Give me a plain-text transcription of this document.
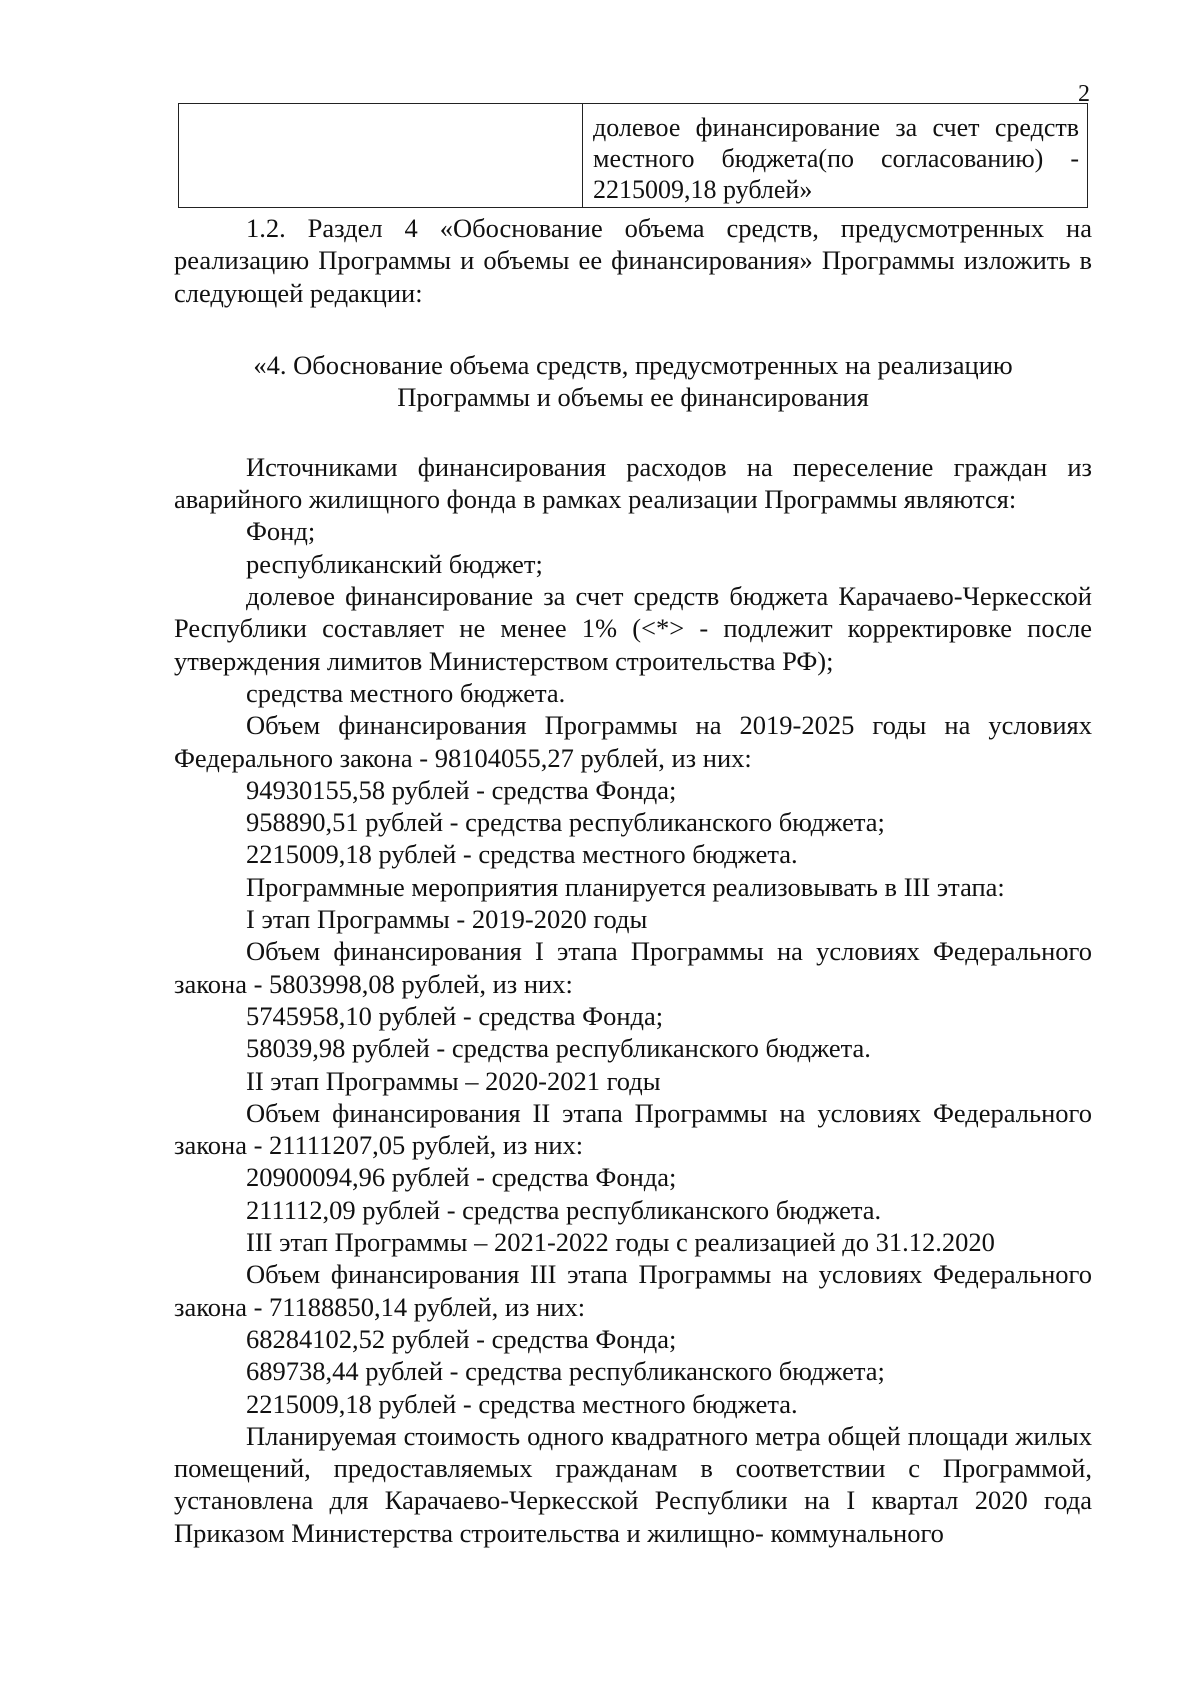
2
долевое финансирование за счет средств
местного бюджета(по согласованию) -
2215009,18 рублей»

1.2. Раздел 4 «Обоснование объема средств, предусмотренных на реализацию Программы и объемы ее финансирования» Программы изложить в следующей редакции:

«4. Обоснование объема средств, предусмотренных на реализацию

Программы и объемы ее финансирования

Источниками финансирования расходов на переселение граждан из аварийного жилищного фонда в рамках реализации Программы являются:

Фонд;

республиканский бюджет;

долевое финансирование за счет средств бюджета Карачаево-Черкесской Республики составляет не менее 1% (<*> - подлежит корректировке после утверждения лимитов Министерством строительства РФ);

средства местного бюджета.

Объем финансирования Программы на 2019-2025 годы на условиях Федерального закона - 98104055,27 рублей, из них:

94930155,58 рублей - средства Фонда;

958890,51 рублей - средства республиканского бюджета;

2215009,18 рублей - средства местного бюджета.

Программные мероприятия планируется реализовывать в III этапа:

I этап Программы - 2019-2020 годы

Объем финансирования I этапа Программы на условиях Федерального закона - 5803998,08 рублей, из них:

5745958,10 рублей - средства Фонда;

58039,98 рублей - средства республиканского бюджета.

II этап Программы – 2020-2021 годы

Объем финансирования II этапа Программы на условиях Федерального закона - 21111207,05 рублей, из них:

20900094,96 рублей - средства Фонда;

211112,09 рублей - средства республиканского бюджета.

III этап Программы – 2021-2022 годы с реализацией до 31.12.2020

Объем финансирования III этапа Программы на условиях Федерального закона - 71188850,14 рублей, из них:

68284102,52 рублей - средства Фонда;

689738,44 рублей - средства республиканского бюджета;

2215009,18 рублей - средства местного бюджета.

Планируемая стоимость одного квадратного метра общей площади жилых помещений, предоставляемых гражданам в соответствии с Программой, установлена для Карачаево-Черкесской Республики на I квартал 2020 года Приказом Министерства строительства и жилищно- коммунального
